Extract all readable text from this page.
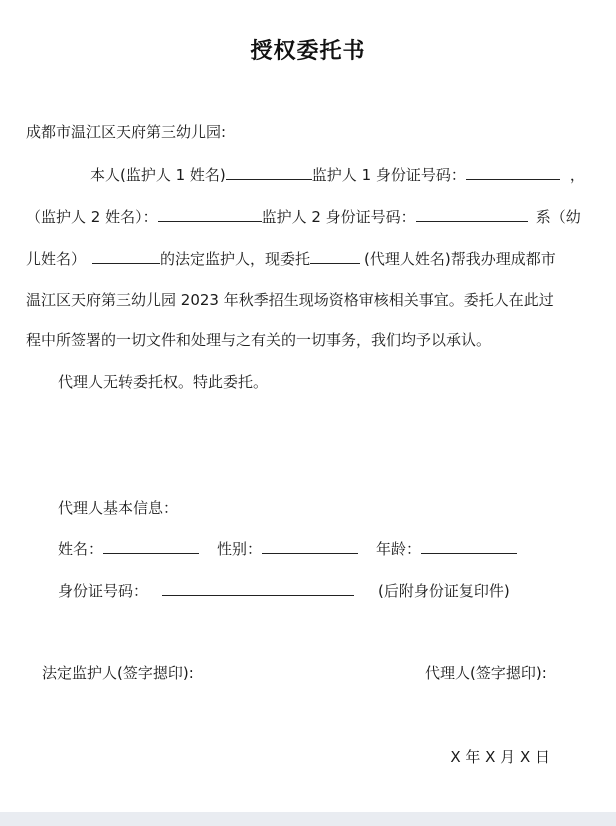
授权委托书
成都市温江区天府第三幼儿园:
本人(监护人 1 姓名)	监护人 1 身份证号码：	，
（监护人 2 姓名）：	监护人 2 身份证号码：	系（幼
儿姓名）	的法定监护人，现委托	(代理人姓名)帮我办理成都市
温江区天府第三幼儿园 2023 年秋季招生现场资格审核相关事宜。委托人在此过
程中所签署的一切文件和处理与之有关的一切事务，我们均予以承认。
代理人无转委托权。特此委托。
代理人基本信息：
姓名：	性别：	年龄：
身份证号码：	(后附身份证复印件)
法定监护人(签字摁印):	代理人(签字摁印):
X 年 X 月 X 日
